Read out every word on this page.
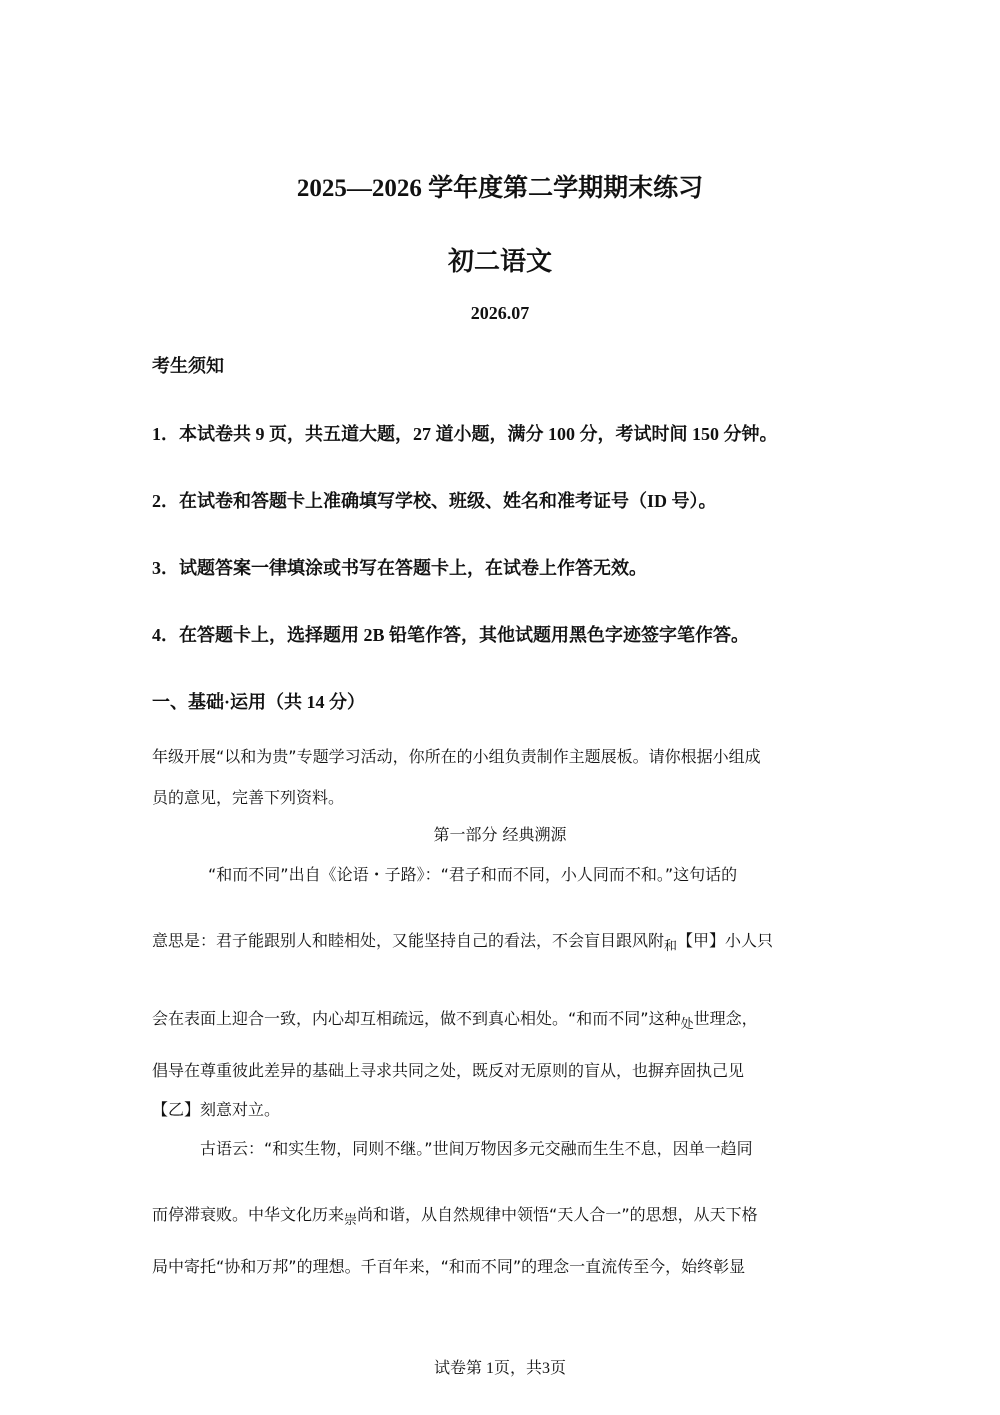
2025—2026 学年度第二学期期末练习
初二语文
2026.07
考生须知
1．本试卷共 9 页，共五道大题，27 道小题，满分 100 分，考试时间 150 分钟。
2．在试卷和答题卡上准确填写学校、班级、姓名和准考证号（ID 号）。
3．试题答案一律填涂或书写在答题卡上，在试卷上作答无效。
4．在答题卡上，选择题用 2B 铅笔作答，其他试题用黑色字迹签字笔作答。
一、基础·运用（共 14 分）
年级开展“以和为贵”专题学习活动，你所在的小组负责制作主题展板。请你根据小组成
员的意见，完善下列资料。
第一部分 经典溯源
“和而不同”出自《论语・子路》：“君子和而不同，小人同而不和。”这句话的
意思是：君子能跟别人和睦相处，又能坚持自己的看法，不会盲目跟风附$_和$【甲】小人只
会在表面上迎合一致，内心却互相疏远，做不到真心相处。“和而不同”这种$_处$世理念，
倡导在尊重彼此差异的基础上寻求共同之处，既反对无原则的盲从，也摒弃固执己见
【乙】刻意对立。
古语云：“和实生物，同则不继。”世间万物因多元交融而生生不息，因单一趋同
而停滞衰败。中华文化历来$_崇$尚和谐，从自然规律中领悟“天人合一”的思想，从天下格
局中寄托“协和万邦”的理想。千百年来，“和而不同”的理念一直流传至今，始终彰显
试卷第 1页，共3页
